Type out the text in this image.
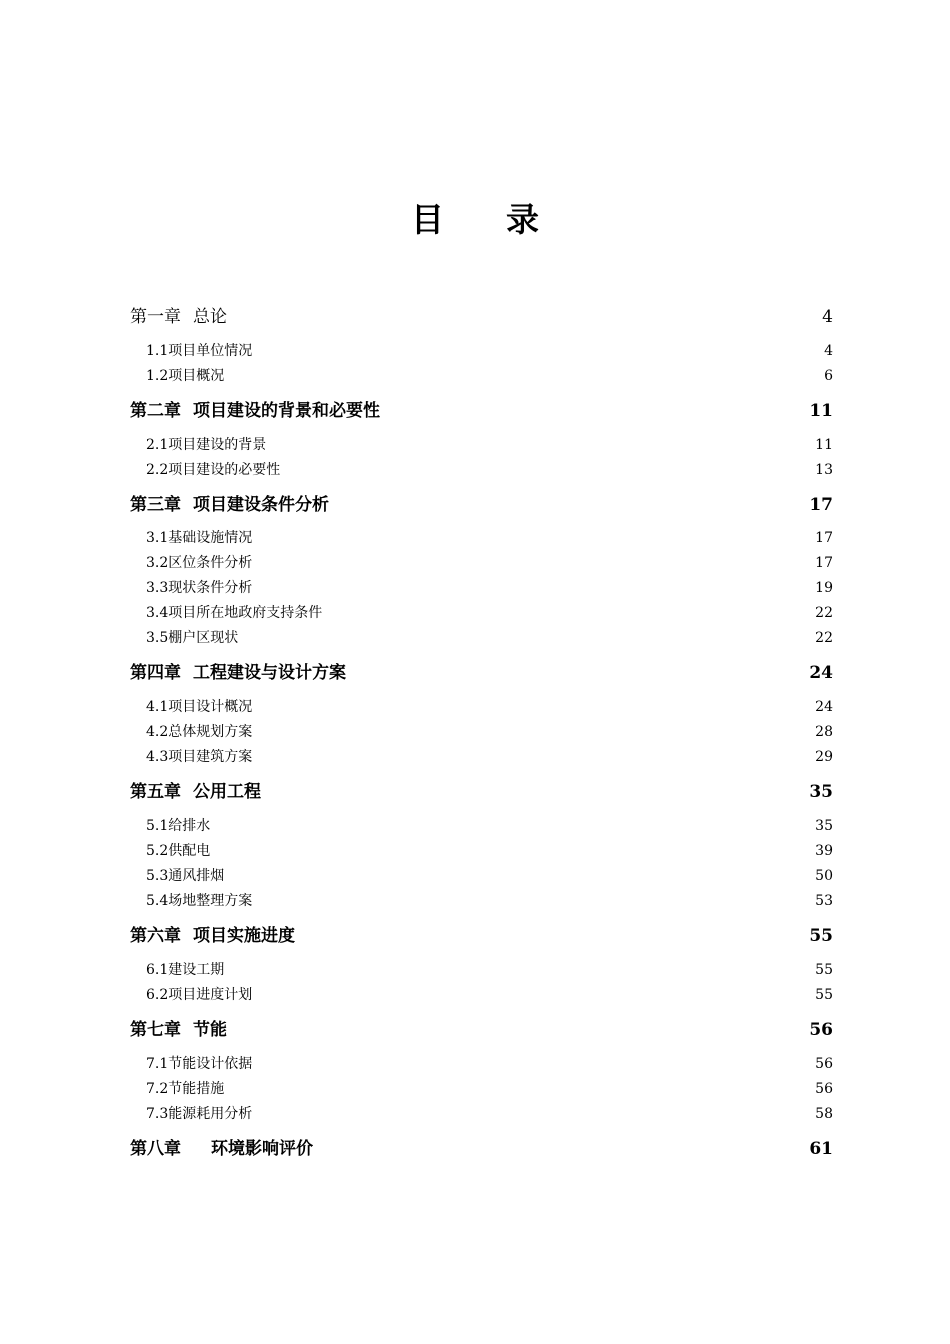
目录
第一章 总论	4
1.1项目单位情况	4
1.2项目概况	6
第二章 项目建设的背景和必要性	11
2.1项目建设的背景	11
2.2项目建设的必要性	13
第三章 项目建设条件分析	17
3.1基础设施情况	17
3.2区位条件分析	17
3.3现状条件分析	19
3.4项目所在地政府支持条件	22
3.5棚户区现状	22
第四章 工程建设与设计方案	24
4.1项目设计概况	24
4.2总体规划方案	28
4.3项目建筑方案	29
第五章 公用工程	35
5.1给排水	35
5.2供配电	39
5.3通风排烟	50
5.4场地整理方案	53
第六章 项目实施进度	55
6.1建设工期	55
6.2项目进度计划	55
第七章 节能	56
7.1节能设计依据	56
7.2节能措施	56
7.3能源耗用分析	58
第八章 环境影响评价	61
